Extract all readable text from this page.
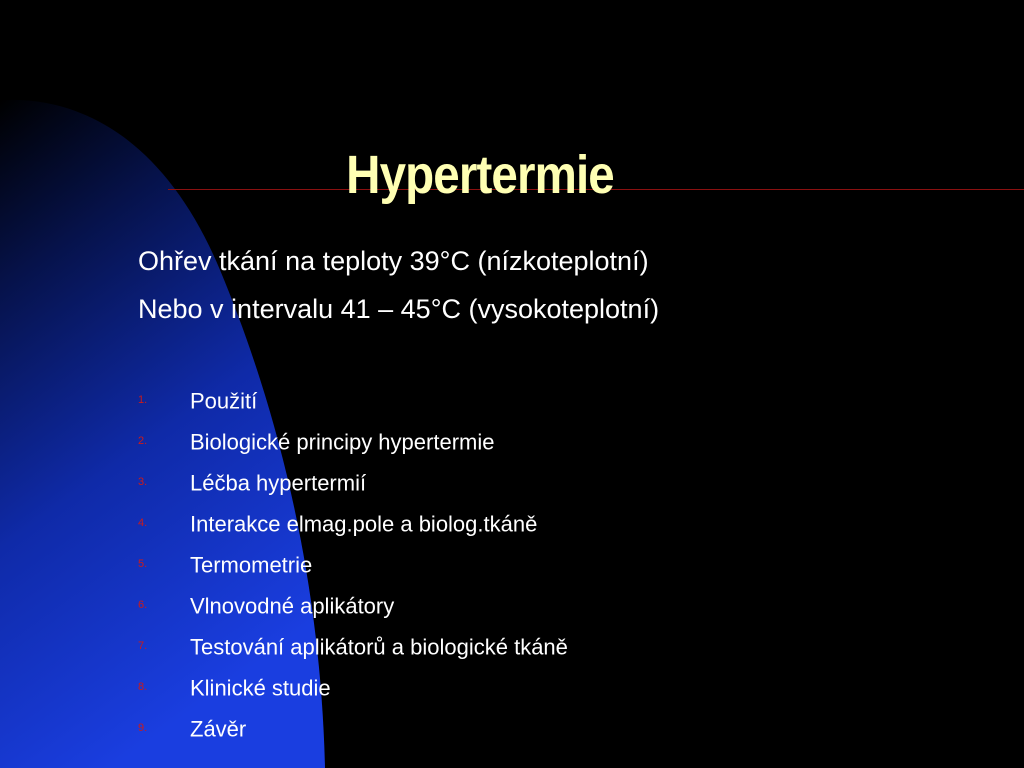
Hypertermie
Ohřev tkání na teploty 39°C (nízkoteplotní)
Nebo v intervalu 41 – 45°C (vysokoteplotní)
1. Použití
2. Biologické principy hypertermie
3. Léčba hypertermií
4. Interakce elmag.pole a biolog.tkáně
5. Termometrie
6. Vlnovodné aplikátory
7. Testování aplikátorů a biologické tkáně
8. Klinické studie
9. Závěr
